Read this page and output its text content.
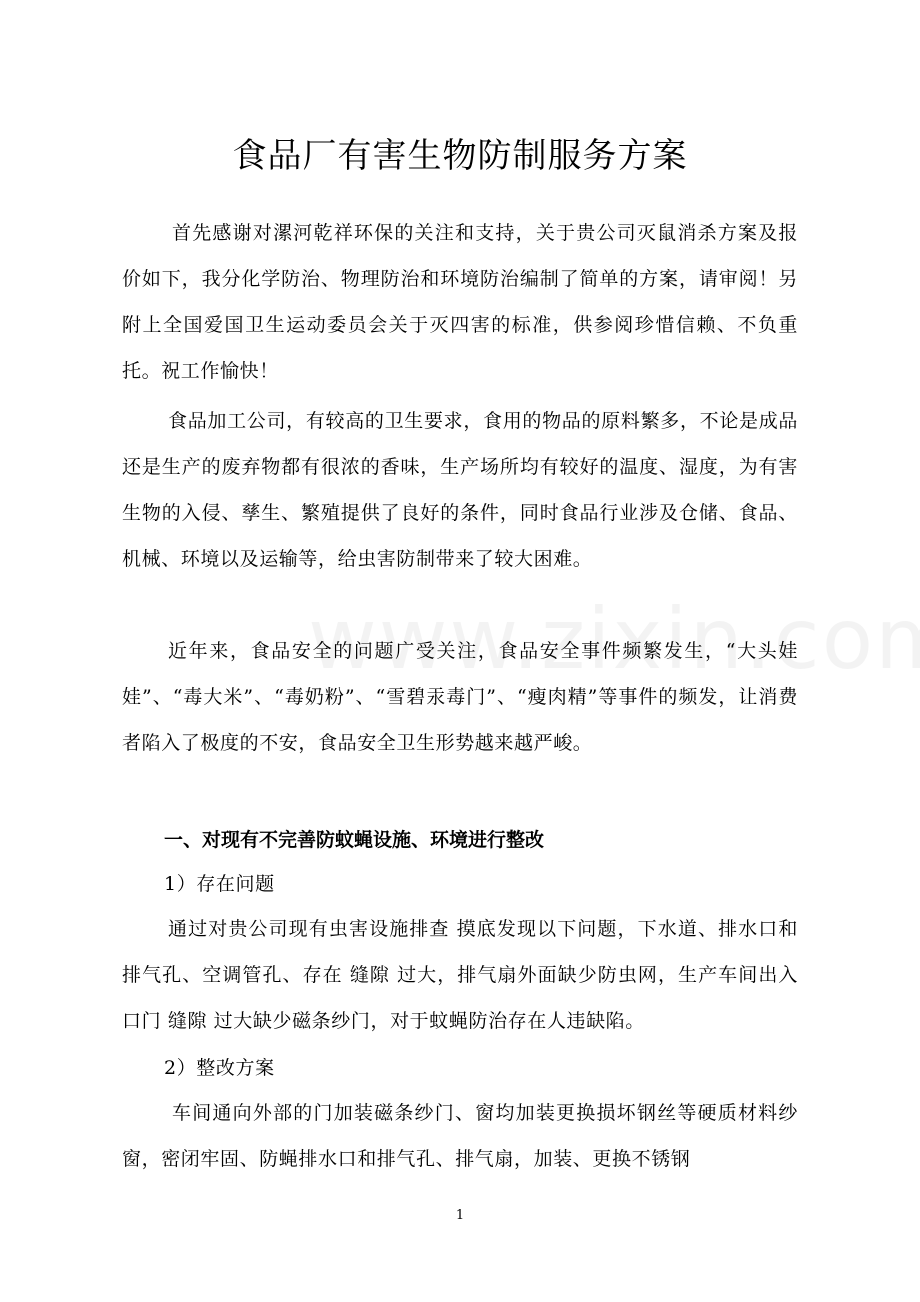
食品厂有害生物防制服务方案

首先感谢对漯河乾祥环保的关注和支持，关于贵公司灭鼠消杀方案及报价如下，我分化学防治、物理防治和环境防治编制了简单的方案，请审阅！另附上全国爱国卫生运动委员会关于灭四害的标准，供参阅珍惜信赖、不负重托。祝工作愉快！

食品加工公司，有较高的卫生要求，食用的物品的原料繁多，不论是成品还是生产的废弃物都有很浓的香味，生产场所均有较好的温度、湿度，为有害生物的入侵、孳生、繁殖提供了良好的条件，同时食品行业涉及仓储、食品、机械、环境以及运输等，给虫害防制带来了较大困难。

近年来，食品安全的问题广受关注，食品安全事件频繁发生，“大头娃娃”、“毒大米”、“毒奶粉”、“雪碧汞毒门”、“瘦肉精”等事件的频发，让消费者陷入了极度的不安，食品安全卫生形势越来越严峻。

一、对现有不完善防蚊蝇设施、环境进行整改

1）存在问题

通过对贵公司现有虫害设施排查 摸底发现以下问题，下水道、排水口和排气孔、空调管孔、存在 缝隙 过大，排气扇外面缺少防虫网，生产车间出入口门 缝隙 过大缺少磁条纱门，对于蚊蝇防治存在人违缺陷。

2）整改方案

车间通向外部的门加装磁条纱门、窗均加装更换损坏钢丝等硬质材料纱窗，密闭牢固、防蝇排水口和排气孔、排气扇，加装、更换不锈钢

1
